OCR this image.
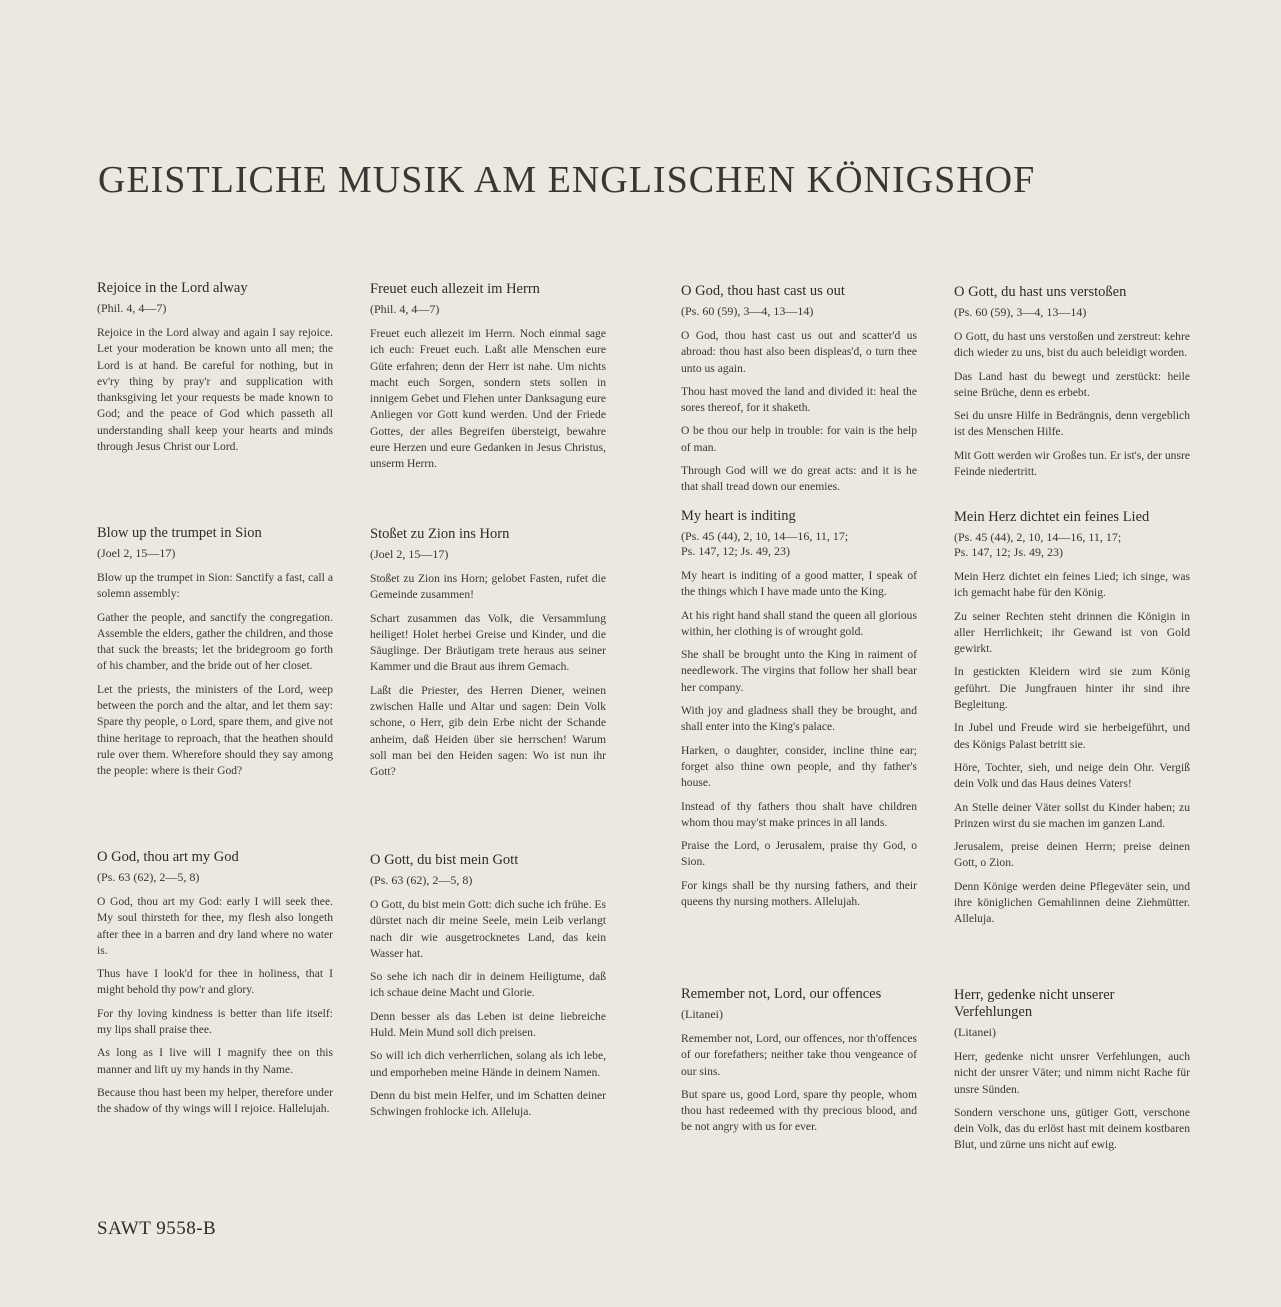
GEISTLICHE MUSIK AM ENGLISCHEN KÖNIGSHOF
Rejoice in the Lord alway
(Phil. 4, 4—7)

Rejoice in the Lord alway and again I say rejoice. Let your moderation be known unto all men; the Lord is at hand. Be careful for nothing, but in ev'ry thing by pray'r and supplication with thanksgiving let your requests be made known to God; and the peace of God which passeth all understanding shall keep your hearts and minds through Jesus Christ our Lord.

Blow up the trumpet in Sion
(Joel 2, 15—17)

Blow up the trumpet in Sion: Sanctify a fast, call a solemn assembly:

Gather the people, and sanctify the congregation. Assemble the elders, gather the children, and those that suck the breasts; let the bridegroom go forth of his chamber, and the bride out of her closet.

Let the priests, the ministers of the Lord, weep between the porch and the altar, and let them say: Spare thy people, o Lord, spare them, and give not thine heritage to reproach, that the heathen should rule over them. Wherefore should they say among the people: where is their God?

O God, thou art my God
(Ps. 63 (62), 2—5, 8)

O God, thou art my God: early I will seek thee. My soul thirsteth for thee, my flesh also longeth after thee in a barren and dry land where no water is.

Thus have I look'd for thee in holiness, that I might behold thy pow'r and glory.

For thy loving kindness is better than life itself: my lips shall praise thee.

As long as I live will I magnify thee on this manner and lift uy my hands in thy Name.

Because thou hast been my helper, therefore under the shadow of thy wings will I rejoice. Hallelujah.

Freuet euch allezeit im Herrn
(Phil. 4, 4—7)

Freuet euch allezeit im Herrn. Noch einmal sage ich euch: Freuet euch. Laßt alle Menschen eure Güte erfahren; denn der Herr ist nahe. Um nichts macht euch Sorgen, sondern stets sollen in innigem Gebet und Flehen unter Danksagung eure Anliegen vor Gott kund werden. Und der Friede Gottes, der alles Begreifen übersteigt, bewahre eure Herzen und eure Gedanken in Jesus Christus, unserm Herrn.

Stoßet zu Zion ins Horn
(Joel 2, 15—17)

Stoßet zu Zion ins Horn; gelobet Fasten, rufet die Gemeinde zusammen!

Schart zusammen das Volk, die Versammlung heiliget! Holet herbei Greise und Kinder, und die Säuglinge. Der Bräutigam trete heraus aus seiner Kammer und die Braut aus ihrem Gemach.

Laßt die Priester, des Herren Diener, weinen zwischen Halle und Altar und sagen: Dein Volk schone, o Herr, gib dein Erbe nicht der Schande anheim, daß Heiden über sie herrschen! Warum soll man bei den Heiden sagen: Wo ist nun ihr Gott?

O Gott, du bist mein Gott
(Ps. 63 (62), 2—5, 8)

O Gott, du bist mein Gott: dich suche ich frühe. Es dürstet nach dir meine Seele, mein Leib verlangt nach dir wie ausgetrocknetes Land, das kein Wasser hat.

So sehe ich nach dir in deinem Heiligtume, daß ich schaue deine Macht und Glorie.

Denn besser als das Leben ist deine liebreiche Huld. Mein Mund soll dich preisen.

So will ich dich verherrlichen, solang als ich lebe, und emporheben meine Hände in deinem Namen.

Denn du bist mein Helfer, und im Schatten deiner Schwingen frohlocke ich. Alleluja.

O God, thou hast cast us out
(Ps. 60 (59), 3—4, 13—14)

O God, thou hast cast us out and scatter'd us abroad: thou hast also been displeas'd, o turn thee unto us again.

Thou hast moved the land and divided it: heal the sores thereof, for it shaketh.

O be thou our help in trouble: for vain is the help of man.

Through God will we do great acts: and it is he that shall tread down our enemies.

My heart is inditing
(Ps. 45 (44), 2, 10, 14—16, 11, 17;
Ps. 147, 12; Js. 49, 23)

My heart is inditing of a good matter, I speak of the things which I have made unto the King.

At his right hand shall stand the queen all glorious within, her clothing is of wrought gold.

She shall be brought unto the King in raiment of needlework. The virgins that follow her shall bear her company.

With joy and gladness shall they be brought, and shall enter into the King's palace.

Harken, o daughter, consider, incline thine ear; forget also thine own people, and thy father's house.

Instead of thy fathers thou shalt have children whom thou may'st make princes in all lands.

Praise the Lord, o Jerusalem, praise thy God, o Sion.

For kings shall be thy nursing fathers, and their queens thy nursing mothers. Allelujah.

Remember not, Lord, our offences
(Litanei)

Remember not, Lord, our offences, nor th'offences of our forefathers; neither take thou vengeance of our sins.

But spare us, good Lord, spare thy people, whom thou hast redeemed with thy precious blood, and be not angry with us for ever.

O Gott, du hast uns verstoßen
(Ps. 60 (59), 3—4, 13—14)

O Gott, du hast uns verstoßen und zerstreut: kehre dich wieder zu uns, bist du auch beleidigt worden.

Das Land hast du bewegt und zerstückt: heile seine Brüche, denn es erbebt.

Sei du unsre Hilfe in Bedrängnis, denn vergeblich ist des Menschen Hilfe.

Mit Gott werden wir Großes tun. Er ist's, der unsre Feinde niedertritt.

Mein Herz dichtet ein feines Lied
(Ps. 45 (44), 2, 10, 14—16, 11, 17;
Ps. 147, 12; Js. 49, 23)

Mein Herz dichtet ein feines Lied; ich singe, was ich gemacht habe für den König.

Zu seiner Rechten steht drinnen die Königin in aller Herrlichkeit; ihr Gewand ist von Gold gewirkt.

In gestickten Kleidern wird sie zum König geführt. Die Jungfrauen hinter ihr sind ihre Begleitung.

In Jubel und Freude wird sie herbeigeführt, und des Königs Palast betritt sie.

Höre, Tochter, sieh, und neige dein Ohr. Vergiß dein Volk und das Haus deines Vaters!

An Stelle deiner Väter sollst du Kinder haben; zu Prinzen wirst du sie machen im ganzen Land.

Jerusalem, preise deinen Herrn; preise deinen Gott, o Zion.

Denn Könige werden deine Pflegeväter sein, und ihre königlichen Gemahlinnen deine Ziehmütter. Alleluja.

Herr, gedenke nicht unserer Verfehlungen
(Litanei)

Herr, gedenke nicht unsrer Verfehlungen, auch nicht der unsrer Väter; und nimm nicht Rache für unsre Sünden.

Sondern verschone uns, gütiger Gott, verschone dein Volk, das du erlöst hast mit deinem kostbaren Blut, und zürne uns nicht auf ewig.

SAWT 9558-B
